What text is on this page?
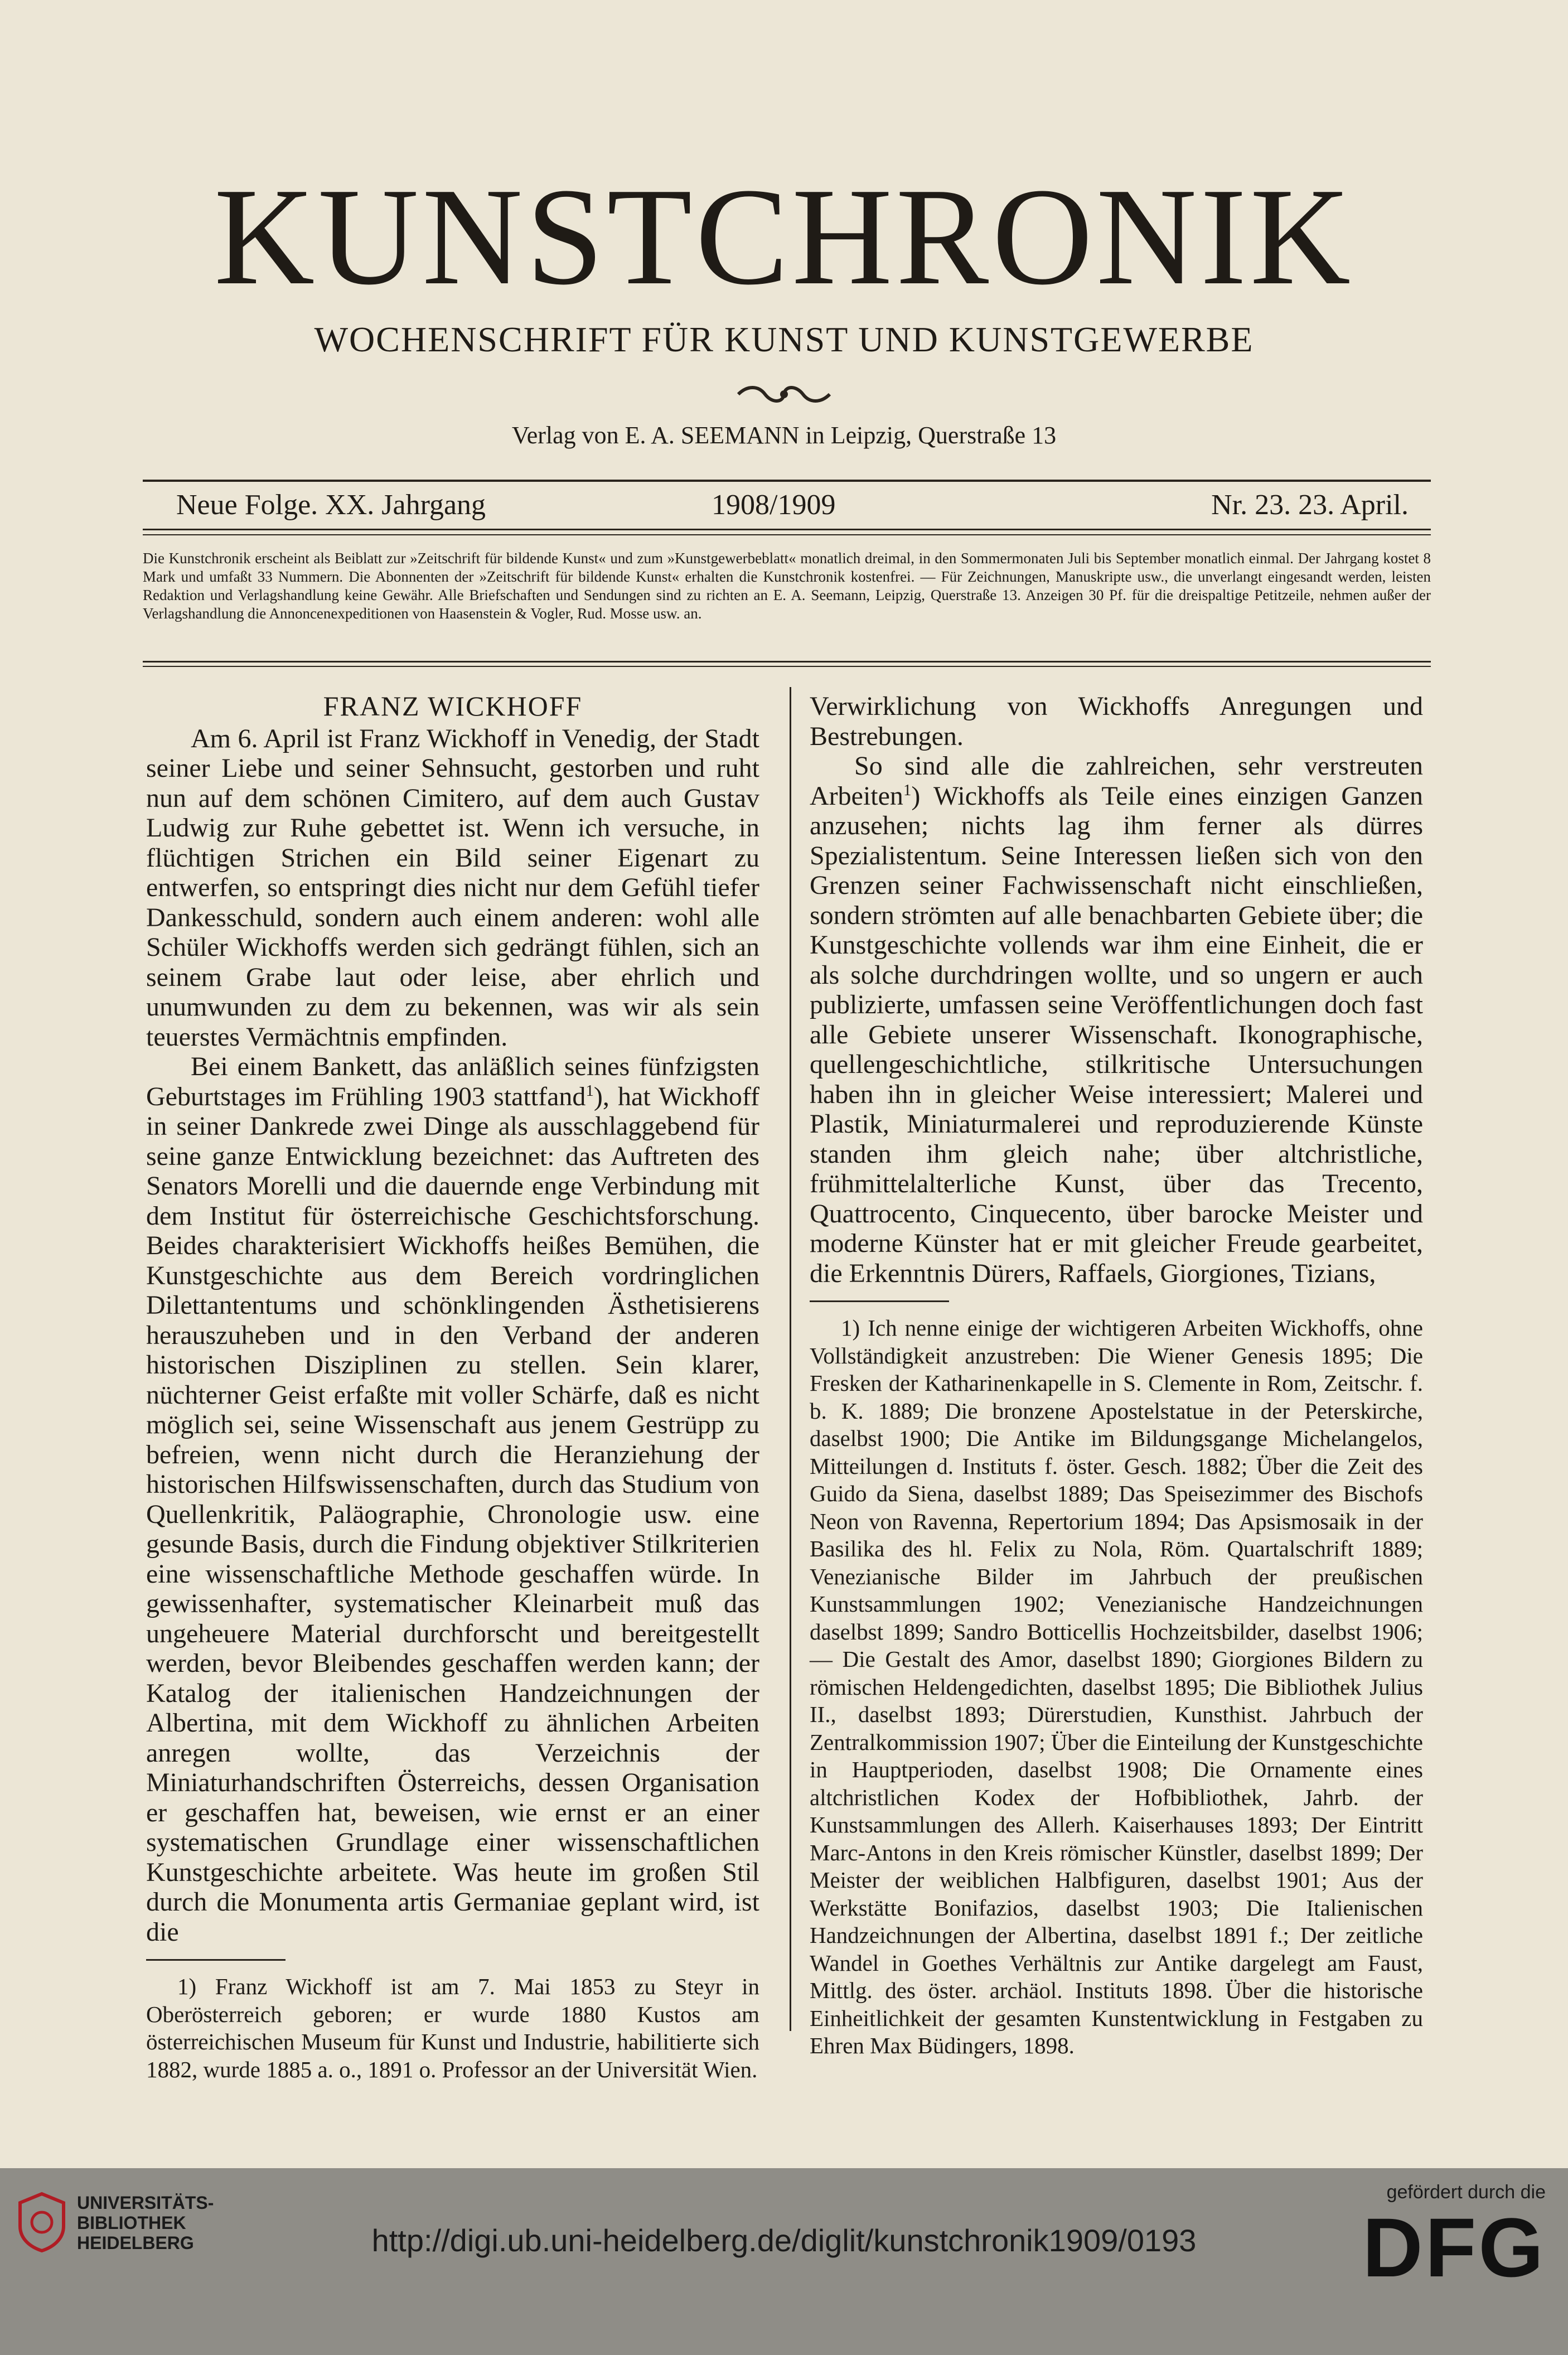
KUNSTCHRONIK
WOCHENSCHRIFT FÜR KUNST UND KUNSTGEWERBE
Verlag von E. A. SEEMANN in Leipzig, Querstraße 13
Neue Folge. XX. Jahrgang	1908/1909	Nr. 23. 23. April.
Die Kunstchronik erscheint als Beiblatt zur »Zeitschrift für bildende Kunst« und zum »Kunstgewerbeblatt« monatlich dreimal, in den Sommermonaten Juli bis September monatlich einmal. Der Jahrgang kostet 8 Mark und umfaßt 33 Nummern. Die Abonnenten der »Zeitschrift für bildende Kunst« erhalten die Kunstchronik kostenfrei. — Für Zeichnungen, Manuskripte usw., die unverlangt eingesandt werden, leisten Redaktion und Verlagshandlung keine Gewähr. Alle Briefschaften und Sendungen sind zu richten an E. A. Seemann, Leipzig, Querstraße 13. Anzeigen 30 Pf. für die dreispaltige Petitzeile, nehmen außer der Verlagshandlung die Annoncenexpeditionen von Haasenstein & Vogler, Rud. Mosse usw. an.
FRANZ WICKHOFF

Am 6. April ist Franz Wickhoff in Venedig, der Stadt seiner Liebe und seiner Sehnsucht, gestorben und ruht nun auf dem schönen Cimitero, auf dem auch Gustav Ludwig zur Ruhe gebettet ist. Wenn ich versuche, in flüchtigen Strichen ein Bild seiner Eigenart zu entwerfen, so entspringt dies nicht nur dem Gefühl tiefer Dankesschuld, sondern auch einem anderen: wohl alle Schüler Wickhoffs werden sich gedrängt fühlen, sich an seinem Grabe laut oder leise, aber ehrlich und unumwunden zu dem zu bekennen, was wir als sein teuerstes Vermächtnis empfinden.

Bei einem Bankett, das anläßlich seines fünfzigsten Geburtstages im Frühling 1903 stattfand$^1$), hat Wickhoff in seiner Dankrede zwei Dinge als ausschlaggebend für seine ganze Entwicklung bezeichnet: das Auftreten des Senators Morelli und die dauernde enge Verbindung mit dem Institut für österreichische Geschichtsforschung. Beides charakterisiert Wickhoffs heißes Bemühen, die Kunstgeschichte aus dem Bereich vordringlichen Dilettantentums und schönklingenden Ästhetisierens herauszuheben und in den Verband der anderen historischen Disziplinen zu stellen. Sein klarer, nüchterner Geist erfaßte mit voller Schärfe, daß es nicht möglich sei, seine Wissenschaft aus jenem Gestrüpp zu befreien, wenn nicht durch die Heranziehung der historischen Hilfswissenschaften, durch das Studium von Quellenkritik, Paläographie, Chronologie usw. eine gesunde Basis, durch die Findung objektiver Stilkriterien eine wissenschaftliche Methode geschaffen würde. In gewissenhafter, systematischer Kleinarbeit muß das ungeheuere Material durchforscht und bereitgestellt werden, bevor Bleibendes geschaffen werden kann; der Katalog der italienischen Handzeichnungen der Albertina, mit dem Wickhoff zu ähnlichen Arbeiten anregen wollte, das Verzeichnis der Miniaturhandschriften Österreichs, dessen Organisation er geschaffen hat, beweisen, wie ernst er an einer systematischen Grundlage einer wissenschaftlichen Kunstgeschichte arbeitete. Was heute im großen Stil durch die Monumenta artis Germaniae geplant wird, ist die

1) Franz Wickhoff ist am 7. Mai 1853 zu Steyr in Oberösterreich geboren; er wurde 1880 Kustos am österreichischen Museum für Kunst und Industrie, habilitierte sich 1882, wurde 1885 a. o., 1891 o. Professor an der Universität Wien.

Verwirklichung von Wickhoffs Anregungen und Bestrebungen.

So sind alle die zahlreichen, sehr verstreuten Arbeiten$^1$) Wickhoffs als Teile eines einzigen Ganzen anzusehen; nichts lag ihm ferner als dürres Spezialistentum. Seine Interessen ließen sich von den Grenzen seiner Fachwissenschaft nicht einschließen, sondern strömten auf alle benachbarten Gebiete über; die Kunstgeschichte vollends war ihm eine Einheit, die er als solche durchdringen wollte, und so ungern er auch publizierte, umfassen seine Veröffentlichungen doch fast alle Gebiete unserer Wissenschaft. Ikonographische, quellengeschichtliche, stilkritische Untersuchungen haben ihn in gleicher Weise interessiert; Malerei und Plastik, Miniaturmalerei und reproduzierende Künste standen ihm gleich nahe; über altchristliche, frühmittelalterliche Kunst, über das Trecento, Quattrocento, Cinquecento, über barocke Meister und moderne Künster hat er mit gleicher Freude gearbeitet, die Erkenntnis Dürers, Raffaels, Giorgiones, Tizians,

1) Ich nenne einige der wichtigeren Arbeiten Wickhoffs, ohne Vollständigkeit anzustreben: Die Wiener Genesis 1895; Die Fresken der Katharinenkapelle in S. Clemente in Rom, Zeitschr. f. b. K. 1889; Die bronzene Apostelstatue in der Peterskirche, daselbst 1900; Die Antike im Bildungsgange Michelangelos, Mitteilungen d. Instituts f. öster. Gesch. 1882; Über die Zeit des Guido da Siena, daselbst 1889; Das Speisezimmer des Bischofs Neon von Ravenna, Repertorium 1894; Das Apsismosaik in der Basilika des hl. Felix zu Nola, Röm. Quartalschrift 1889; Venezianische Bilder im Jahrbuch der preußischen Kunstsammlungen 1902; Venezianische Handzeichnungen daselbst 1899; Sandro Botticellis Hochzeitsbilder, daselbst 1906; — Die Gestalt des Amor, daselbst 1890; Giorgiones Bildern zu römischen Heldengedichten, daselbst 1895; Die Bibliothek Julius II., daselbst 1893; Dürerstudien, Kunsthist. Jahrbuch der Zentralkommission 1907; Über die Einteilung der Kunstgeschichte in Hauptperioden, daselbst 1908; Die Ornamente eines altchristlichen Kodex der Hofbibliothek, Jahrb. der Kunstsammlungen des Allerh. Kaiserhauses 1893; Der Eintritt Marc-Antons in den Kreis römischer Künstler, daselbst 1899; Der Meister der weiblichen Halbfiguren, daselbst 1901; Aus der Werkstätte Bonifazios, daselbst 1903; Die Italienischen Handzeichnungen der Albertina, daselbst 1891 f.; Der zeitliche Wandel in Goethes Verhältnis zur Antike dargelegt am Faust, Mittlg. des öster. archäol. Instituts 1898. Über die historische Einheitlichkeit der gesamten Kunstentwicklung in Festgaben zu Ehren Max Büdingers, 1898.

UNIVERSITÄTS-
BIBLIOTHEK
HEIDELBERG	http://digi.ub.uni-heidelberg.de/diglit/kunstchronik1909/0193
gefördert durch die
DFG
